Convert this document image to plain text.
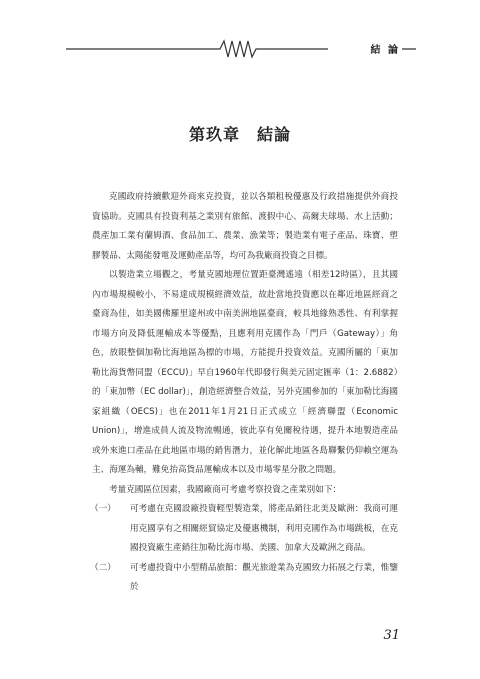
結 論
第玖章　結論

克國政府持續歡迎外商來克投資，並以各類租稅優惠及行政措施提供外商投資協助。克國具有投資利基之業別有旅館、渡假中心、高爾夫球場、水上活動；農產加工業有蘭姆酒、食品加工、農業、漁業等；製造業有電子產品、珠寶、塑膠製品、太陽能發電及運動產品等，均可為我廠商投資之目標。

以製造業立場觀之，考量克國地理位置距臺灣遙遠（相差12時區），且其國內市場規模較小，不易達成規模經濟效益，故赴當地投資應以在鄰近地區經商之臺商為佳，如美國佛羅里達州或中南美洲地區臺商，較具地緣熟悉性、有利掌握市場方向及降低運輸成本等優點，且應利用克國作為「門戶（Gateway）」角色，放眼整個加勒比海地區為標的市場，方能提升投資效益。克國所屬的「東加勒比海貨幣同盟（ECCU)」早自1960年代即發行與美元固定匯率（1：2.6882）的「東加幣（EC dollar)」，創造經濟整合效益，另外克國參加的「東加勒比海國家組織（OECS)」也在2011年1月21日正式成立「經濟聯盟（Economic Union)」，增進成員人流及物流暢通，彼此享有免關稅待遇，提升本地製造產品或外來進口產品在此地區市場的銷售潛力，並化解此地區各島聯繫仍仰賴空運為主、海運為輔，難免抬高貨品運輸成本以及市場零星分散之問題。

考量克國區位因素，我國廠商可考慮考察投資之產業別如下：

（一）	可考慮在克國設廠投資輕型製造業，將產品銷往北美及歐洲：我商可運用克國享有之相關經貿協定及優惠機制，利用克國作為市場跳板，在克國投資廠生產銷往加勒比海市場、美國、加拿大及歐洲之商品。
（二）	可考慮投資中小型精品旅館：觀光旅遊業為克國致力拓展之行業，惟鑒於
31
